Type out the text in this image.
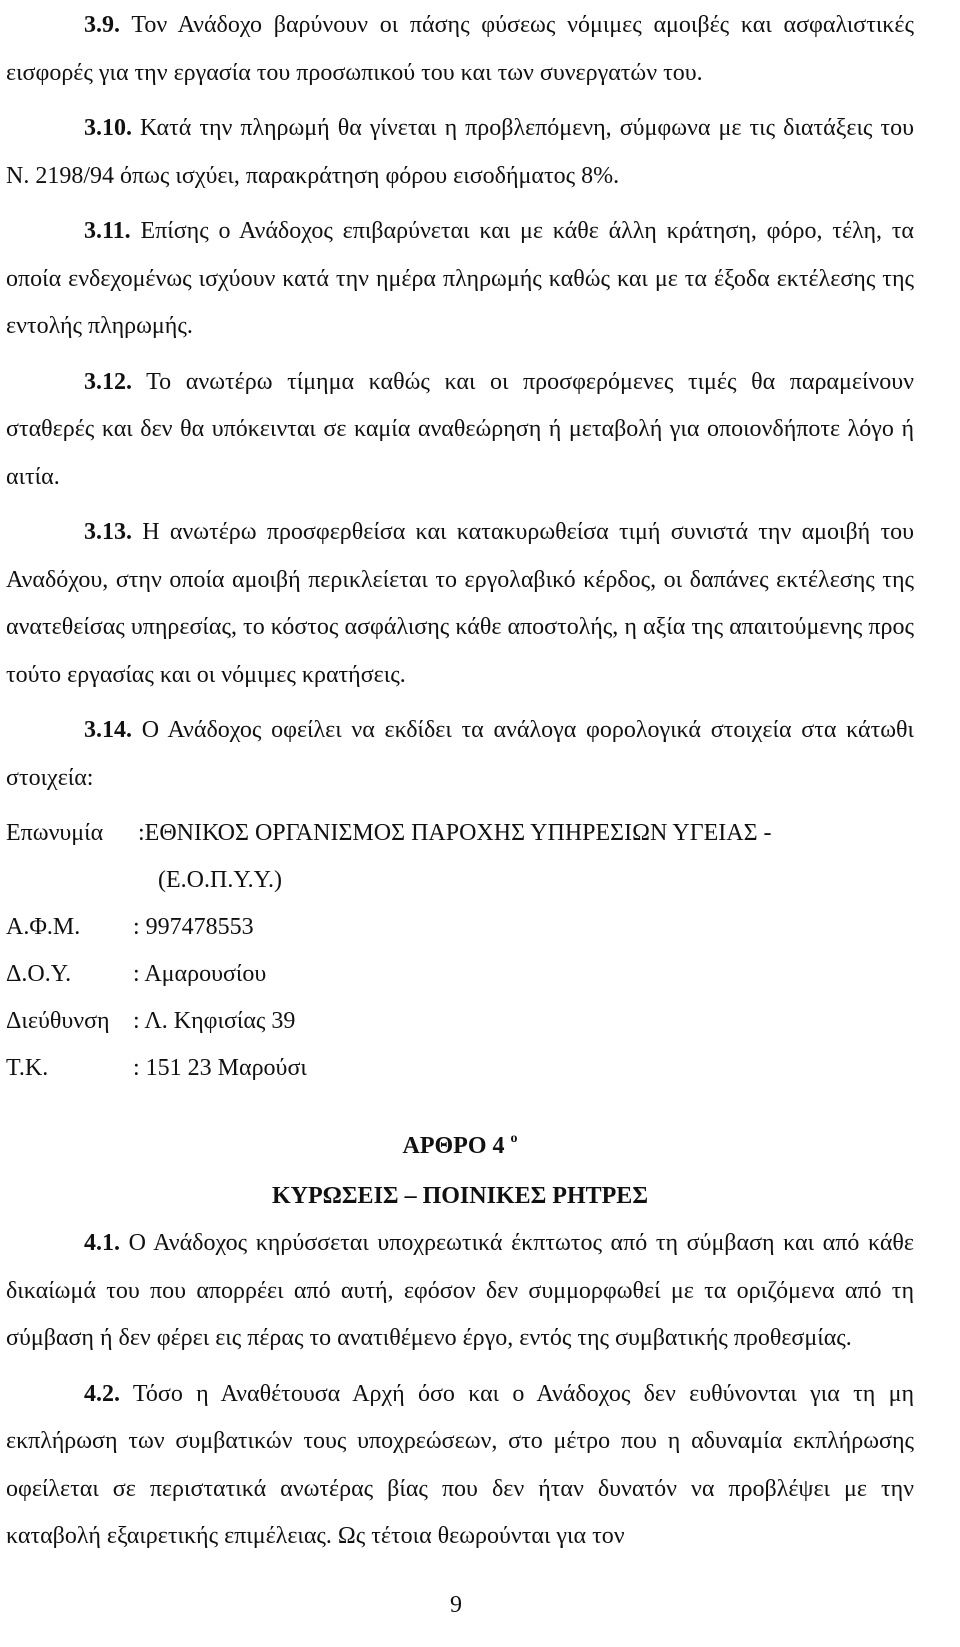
3.9. Τον Ανάδοχο βαρύνουν οι πάσης φύσεως νόμιμες αμοιβές και ασφαλιστικές εισφορές για την εργασία του προσωπικού του και των συνεργατών του.

3.10. Κατά την πληρωμή θα γίνεται η προβλεπόμενη, σύμφωνα με τις διατάξεις του Ν. 2198/94 όπως ισχύει, παρακράτηση φόρου εισοδήματος 8%.

3.11. Επίσης ο Ανάδοχος επιβαρύνεται και με κάθε άλλη κράτηση, φόρο, τέλη, τα οποία ενδεχομένως ισχύουν κατά την ημέρα πληρωμής καθώς και με τα έξοδα εκτέλεσης της εντολής πληρωμής.

3.12. Το ανωτέρω τίμημα καθώς και οι προσφερόμενες τιμές θα παραμείνουν σταθερές και δεν θα υπόκεινται σε καμία αναθεώρηση ή μεταβολή για οποιονδήποτε λόγο ή αιτία.

3.13. Η ανωτέρω προσφερθείσα και κατακυρωθείσα τιμή συνιστά την αμοιβή του Αναδόχου, στην οποία αμοιβή περικλείεται το εργολαβικό κέρδος, οι δαπάνες εκτέλεσης της ανατεθείσας υπηρεσίας, το κόστος ασφάλισης κάθε αποστολής, η αξία της απαιτούμενης προς τούτο εργασίας και οι νόμιμες κρατήσεις.

3.14. Ο Ανάδοχος οφείλει να εκδίδει τα ανάλογα φορολογικά στοιχεία στα κάτωθι στοιχεία:

Επωνυμία	:ΕΘΝΙΚΟΣ ΟΡΓΑΝΙΣΜΟΣ ΠΑΡΟΧΗΣ ΥΠΗΡΕΣΙΩΝ ΥΓΕΙΑΣ -
(Ε.Ο.Π.Υ.Υ.)
Α.Φ.Μ.	: 997478553
Δ.Ο.Υ.	: Αμαρουσίου
Διεύθυνση : Λ. Κηφισίας 39
Τ.Κ.	: 151 23 Μαρούσι

ΑΡΘΡΟ 4 $^o$

ΚΥΡΩΣΕΙΣ – ΠΟΙΝΙΚΕΣ ΡΗΤΡΕΣ

4.1. Ο Ανάδοχος κηρύσσεται υποχρεωτικά έκπτωτος από τη σύμβαση και από κάθε δικαίωμά του που απορρέει από αυτή, εφόσον δεν συμμορφωθεί με τα οριζόμενα από τη σύμβαση ή δεν φέρει εις πέρας το ανατιθέμενο έργο, εντός της συμβατικής προθεσμίας.

4.2. Τόσο η Αναθέτουσα Αρχή όσο και ο Ανάδοχος δεν ευθύνονται για τη μη εκπλήρωση των συμβατικών τους υποχρεώσεων, στο μέτρο που η αδυναμία εκπλήρωσης οφείλεται σε περιστατικά ανωτέρας βίας που δεν ήταν δυνατόν να προβλέψει με την καταβολή εξαιρετικής επιμέλειας. Ως τέτοια θεωρούνται για τον

9
